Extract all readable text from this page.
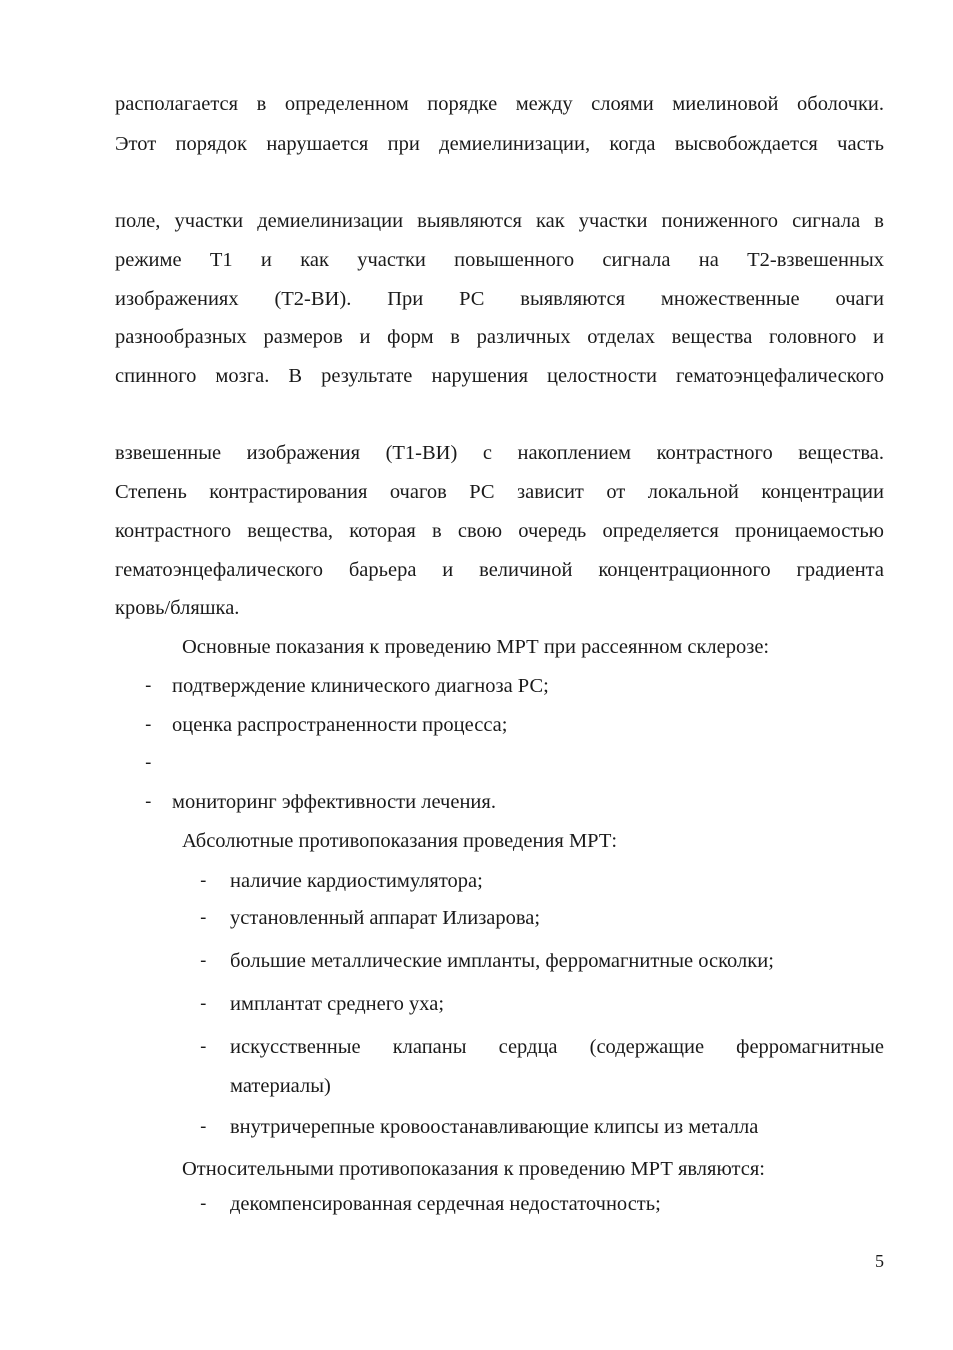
располагается в определенном порядке между слоями миелиновой оболочки.
Этот порядок нарушается при демиелинизации, когда высвобождается часть
поле, участки демиелинизации выявляются как участки пониженного сигнала в
режиме Т1 и как участки повышенного сигнала на Т2-взвешенных
изображениях (Т2-ВИ). При РС выявляются множественные очаги
разнообразных размеров и форм в различных отделах вещества головного и
спинного мозга. В результате нарушения целостности гематоэнцефалического
взвешенные изображения (Т1-ВИ) с накоплением контрастного вещества.
Степень контрастирования очагов РС зависит от локальной концентрации
контрастного вещества, которая в свою очередь определяется проницаемостью
гематоэнцефалического барьера и величиной концентрационного градиента
кровь/бляшка.
Основные показания к проведению МРТ при рассеянном склерозе:
- подтверждение клинического диагноза РС;
- оценка распространенности процесса;
-
- мониторинг эффективности лечения.
Абсолютные противопоказания проведения МРТ:
- наличие кардиостимулятора;
- установленный аппарат Илизарова;
- большие металлические импланты, ферромагнитные осколки;
- имплантат среднего уха;
- искусственные клапаны сердца (содержащие ферромагнитные
материалы)
- внутричерепные кровоостанавливающие клипсы из металла
Относительными противопоказания к проведению МРТ являются:
- декомпенсированная сердечная недостаточность;
5
